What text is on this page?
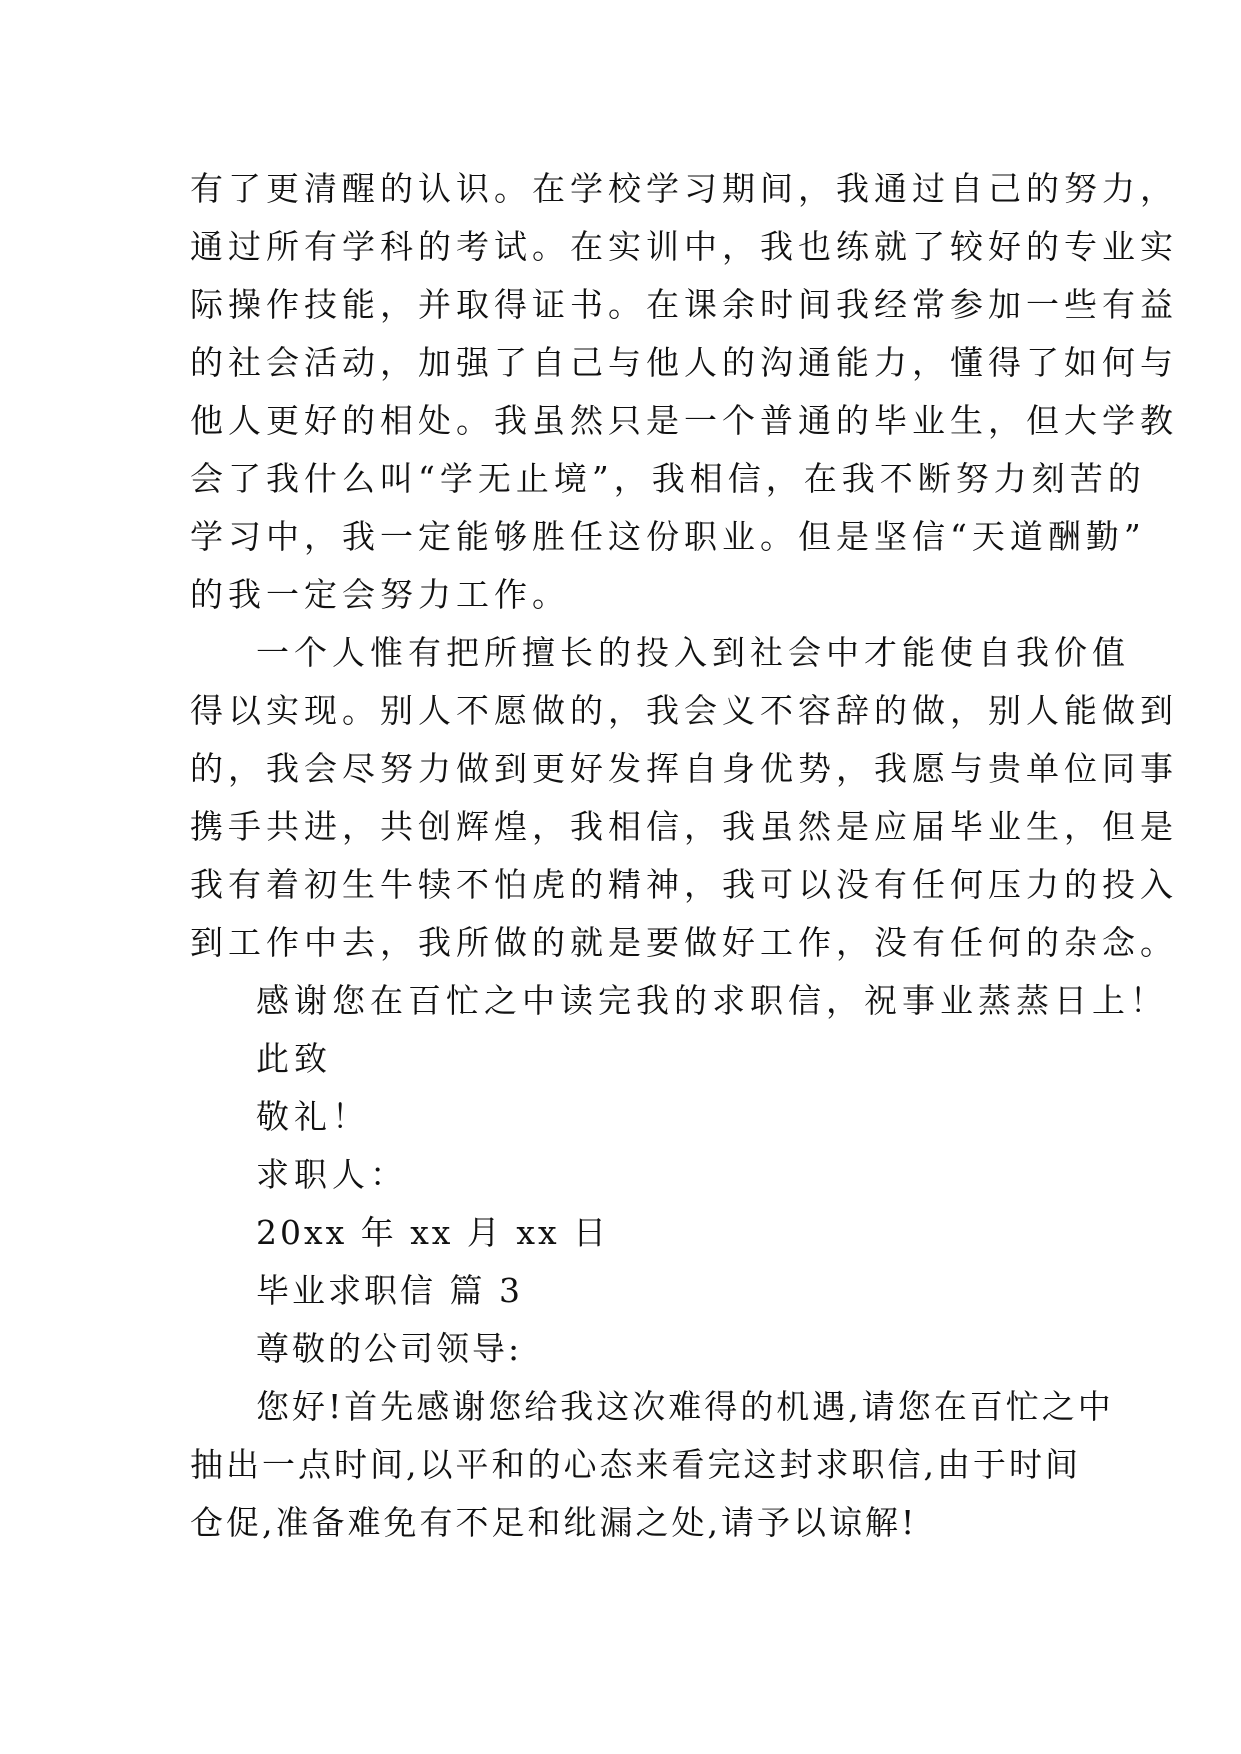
有了更清醒的认识。在学校学习期间，我通过自己的努力，
通过所有学科的考试。在实训中，我也练就了较好的专业实
际操作技能，并取得证书。在课余时间我经常参加一些有益
的社会活动，加强了自己与他人的沟通能力，懂得了如何与
他人更好的相处。我虽然只是一个普通的毕业生，但大学教
会了我什么叫“学无止境”，我相信，在我不断努力刻苦的
学习中，我一定能够胜任这份职业。但是坚信“天道酬勤”
的我一定会努力工作。
一个人惟有把所擅长的投入到社会中才能使自我价值
得以实现。别人不愿做的，我会义不容辞的做，别人能做到
的，我会尽努力做到更好发挥自身优势，我愿与贵单位同事
携手共进，共创辉煌，我相信，我虽然是应届毕业生，但是
我有着初生牛犊不怕虎的精神，我可以没有任何压力的投入
到工作中去，我所做的就是要做好工作，没有任何的杂念。
感谢您在百忙之中读完我的求职信，祝事业蒸蒸日上！
此致
敬礼！
求职人：
20xx 年 xx 月 xx 日
毕业求职信 篇 3
尊敬的公司领导:
您好!首先感谢您给我这次难得的机遇,请您在百忙之中
抽出一点时间,以平和的心态来看完这封求职信,由于时间
仓促,准备难免有不足和纰漏之处,请予以谅解!
